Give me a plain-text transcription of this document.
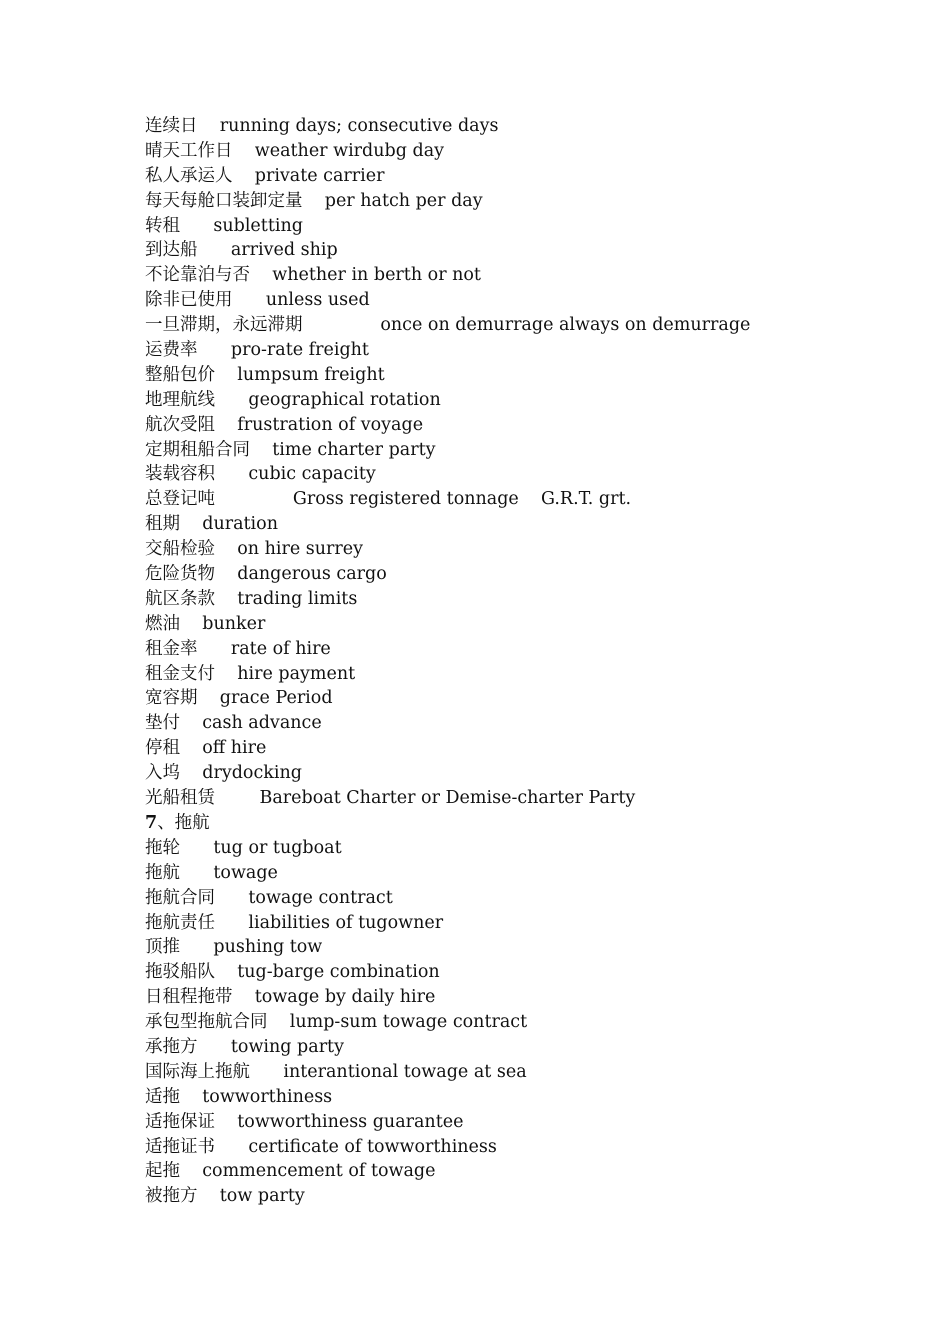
连续日    running days; consecutive days
晴天工作日    weather wirdubg day
私人承运人    private carrier
每天每舱口装卸定量    per hatch per day
转租      subletting
到达船      arrived ship
不论靠泊与否    whether in berth or not
除非已使用      unless used
一旦滞期，永远滞期              once on demurrage always on demurrage
运费率      pro-rate freight
整船包价    lumpsum freight
地理航线      geographical rotation
航次受阻    frustration of voyage
定期租船合同    time charter party
装载容积      cubic capacity
总登记吨              Gross registered tonnage    G.R.T. grt.
租期    duration
交船检验    on hire surrey
危险货物    dangerous cargo
航区条款    trading limits
燃油    bunker
租金率      rate of hire
租金支付    hire payment
宽容期    grace Period
垫付    cash advance
停租    off hire
入坞    drydocking
光船租赁        Bareboat Charter or Demise-charter Party
7、拖航
拖轮      tug or tugboat
拖航      towage
拖航合同      towage contract
拖航责任      liabilities of tugowner
顶推      pushing tow
拖驳船队    tug-barge combination
日租程拖带    towage by daily hire
承包型拖航合同    lump-sum towage contract
承拖方      towing party
国际海上拖航      interantional towage at sea
适拖    towworthiness
适拖保证    towworthiness guarantee
适拖证书      certificate of towworthiness
起拖    commencement of towage
被拖方    tow party
